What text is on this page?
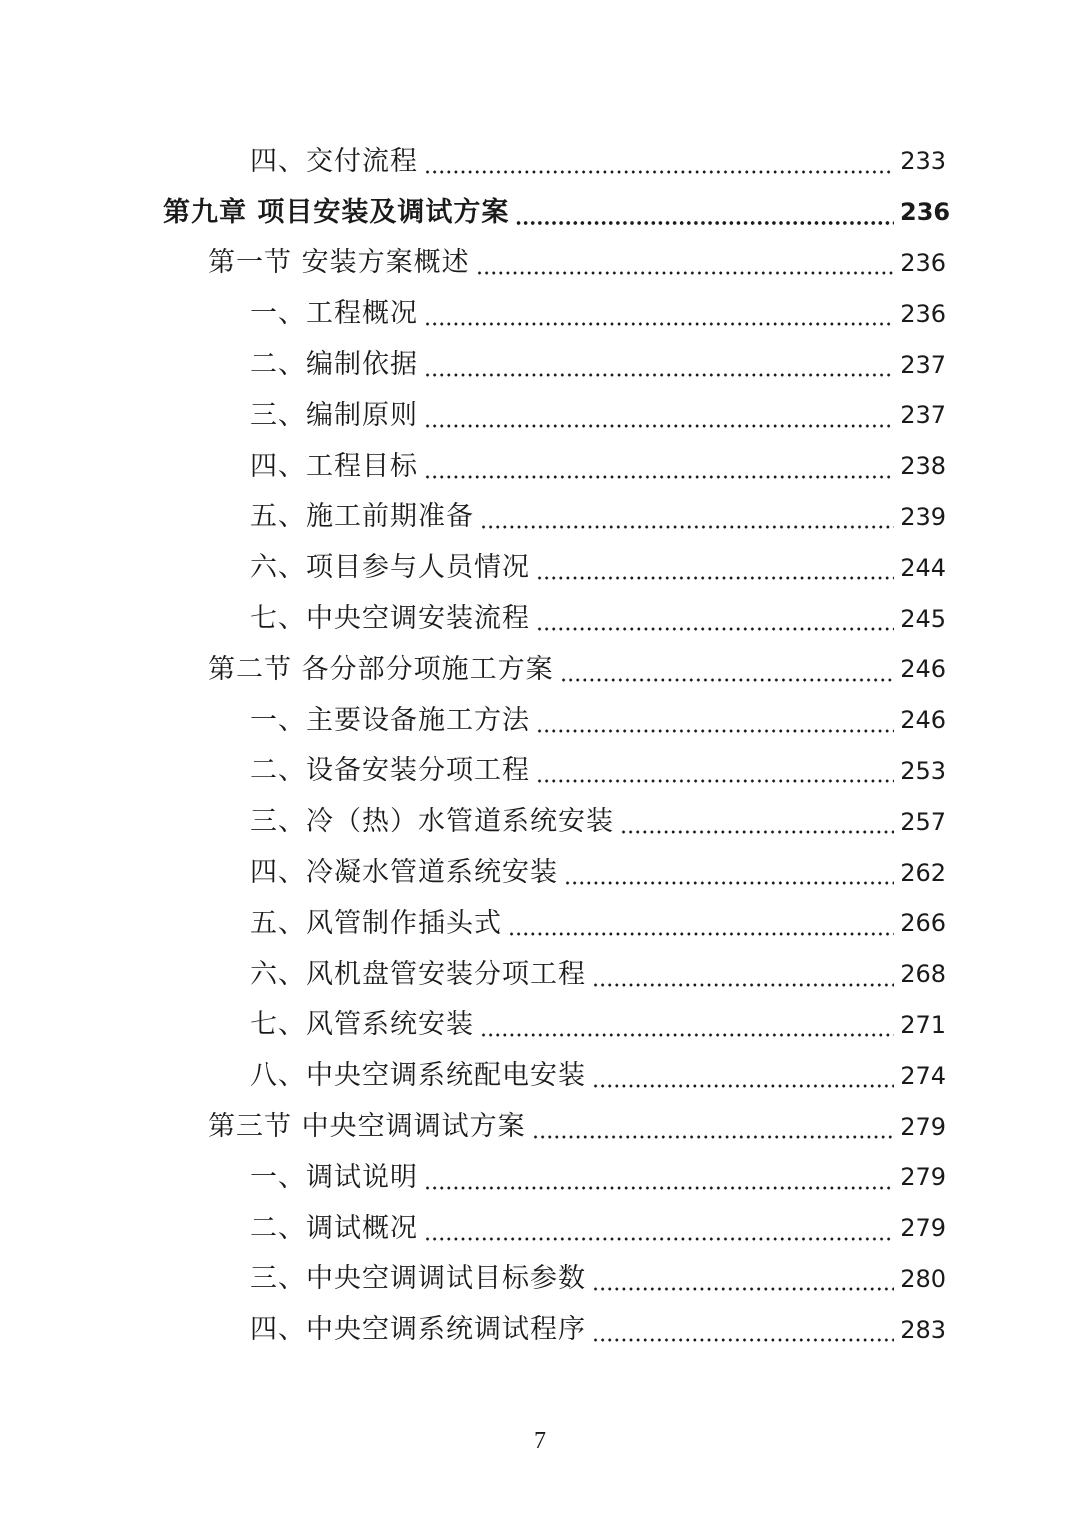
四、交付流程	233
第九章 项目安装及调试方案	236
第一节 安装方案概述	236
一、工程概况	236
二、编制依据	237
三、编制原则	237
四、工程目标	238
五、施工前期准备	239
六、项目参与人员情况	244
七、中央空调安装流程	245
第二节 各分部分项施工方案	246
一、主要设备施工方法	246
二、设备安装分项工程	253
三、冷（热）水管道系统安装	257
四、冷凝水管道系统安装	262
五、风管制作插头式	266
六、风机盘管安装分项工程	268
七、风管系统安装	271
八、中央空调系统配电安装	274
第三节 中央空调调试方案	279
一、调试说明	279
二、调试概况	279
三、中央空调调试目标参数	280
四、中央空调系统调试程序	283
7
